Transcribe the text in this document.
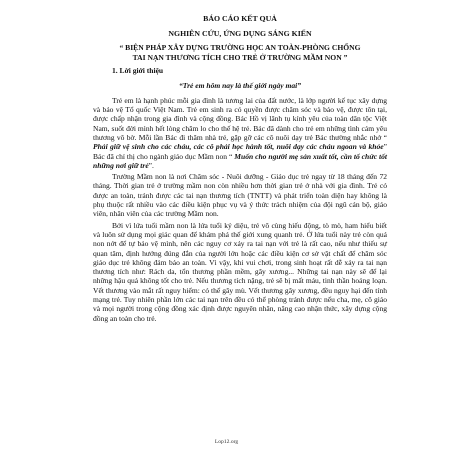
BÁO CÁO KẾT QUẢ
NGHIÊN CỨU, ỨNG DỤNG SÁNG KIẾN
“ BIỆN PHÁP XÂY DỰNG TRƯỜNG HỌC AN TOÀN-PHÒNG CHỐNG
TAI NẠN THƯƠNG TÍCH CHO TRẺ Ở TRƯỜNG MẦM NON ”
1. Lời giới thiệu
“Trẻ em hôm nay là thế giới ngày mai”

Trẻ em là hạnh phúc mỗi gia đình là tương lai của đất nước, là lớp người kế tục xây dựng và bảo vệ Tổ quốc Việt Nam. Trẻ em sinh ra có quyền được chăm sóc và bảo vệ, được tôn tại, được chấp nhận trong gia đình và cộng đồng. Bác Hồ vị lãnh tụ kính yêu của toàn dân tộc Việt Nam, suốt đời mình hết lòng chăm lo cho thế hệ trẻ. Bác đã dành cho trẻ em những tình cảm yêu thương vô bờ. Mỗi lần Bác đi thăm nhà trẻ, gặp gỡ các cô nuôi dạy trẻ Bác thường nhắc nhở “ Phải giữ vệ sinh cho các cháu, các cô phải học hành tốt, nuôi dạy các cháu ngoan và khỏe” Bác đã chỉ thị cho ngành giáo dục Mầm non “ Muốn cho người mẹ sản xuất tốt, cần tổ chức tốt những nơi giữ trẻ”.

Trường Mầm non là nơi Chăm sóc - Nuôi dưỡng - Giáo dục trẻ ngay từ 18 tháng đến 72 tháng. Thời gian trẻ ở trường mầm non còn nhiều hơn thời gian trẻ ở nhà với gia đình. Trẻ có được an toàn, tránh được các tai nạn thương tích (TNTT) và phát triển toàn diện hay không là phụ thuộc rất nhiều vào các điều kiện phục vụ và ý thức trách nhiệm của đội ngũ cán bộ, giáo viên, nhân viên của các trường Mầm non.

Bởi vì lứa tuổi mầm non là lứa tuổi ký diệu, trẻ vô cùng hiếu động, tò mò, ham hiểu biết và luôn sử dụng mọi giác quan để khám phá thế giới xung quanh trẻ. Ở lứa tuổi này trẻ còn quá non nớt để tự bảo vệ mình, nên các nguy cơ xảy ra tai nạn với trẻ là rất cao, nếu như thiếu sự quan tâm, định hướng đúng đắn của người lớn hoặc các điều kiện cơ sở vật chất để chăm sóc giáo dục trẻ không đảm bảo an toàn. Vì vậy, khi vui chơi, trong sinh hoạt rất dễ xảy ra tai nạn thương tích như: Rách da, tổn thương phần mềm, gãy xương... Những tai nạn này sẽ để lại những hậu quả không tốt cho trẻ. Nếu thương tích nặng, trẻ sẽ bị mất máu, tinh thần hoảng loạn. Vết thương vào mắt rất nguy hiểm: có thể gây mù. Vết thương gãy xương, đều nguy hại đến tính mạng trẻ. Tuy nhiên phần lớn các tai nạn trên đều có thể phòng tránh được nếu cha, mẹ, cô giáo và mọi người trong cộng đồng xác định được nguyên nhân, nâng cao nhận thức, xây dựng cộng đồng an toàn cho trẻ.

Lop12.org
